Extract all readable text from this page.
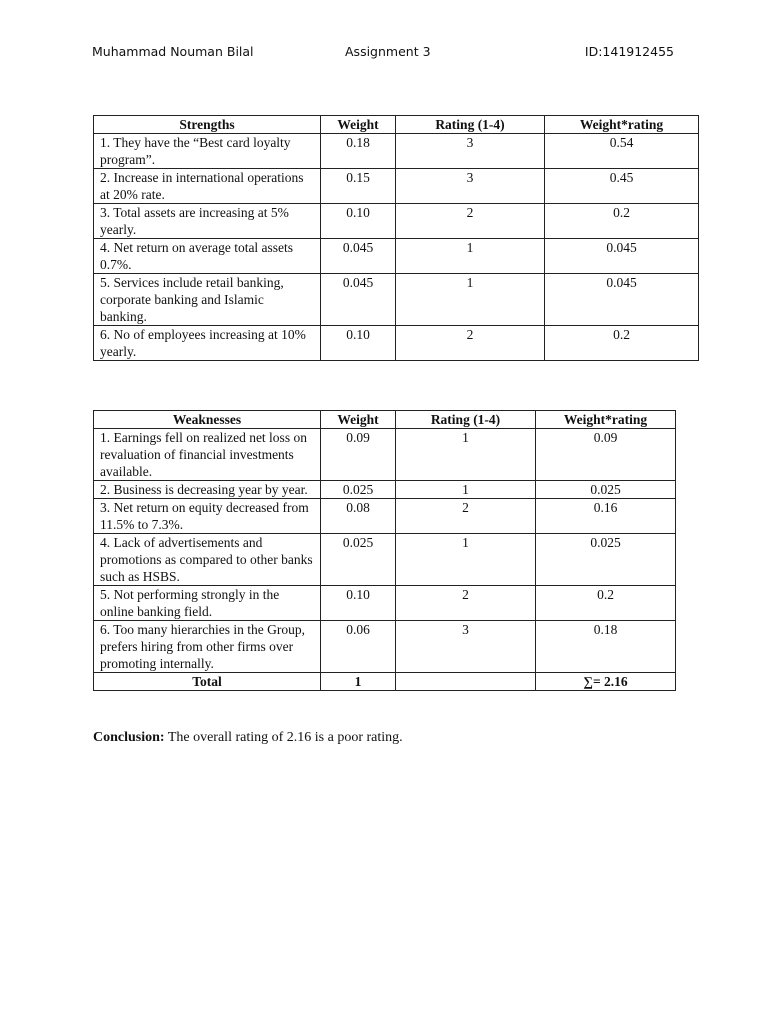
Muhammad Nouman Bilal	Assignment 3	ID:141912455
Strengths	Weight	Rating (1-4)	Weight*rating
1. They have the “Best card loyalty program”.	0.18	3	0.54
2. Increase in international operations at 20% rate.	0.15	3	0.45
3. Total assets are increasing at 5% yearly.	0.10	2	0.2
4. Net return on average total assets 0.7%.	0.045	1	0.045
5. Services include retail banking, corporate banking and Islamic banking.	0.045	1	0.045
6. No of employees increasing at 10% yearly.	0.10	2	0.2
Weaknesses	Weight	Rating (1-4)	Weight*rating
1. Earnings fell on realized net loss on revaluation of financial investments available.	0.09	1	0.09
2. Business is decreasing year by year.	0.025	1	0.025
3. Net return on equity decreased from 11.5% to 7.3%.	0.08	2	0.16
4. Lack of advertisements and promotions as compared to other banks such as HSBS.	0.025	1	0.025
5. Not performing strongly in the online banking field.	0.10	2	0.2
6. Too many hierarchies in the Group, prefers hiring from other firms over promoting internally.	0.06	3	0.18
Total	1		∑= 2.16
Conclusion: The overall rating of 2.16 is a poor rating.
